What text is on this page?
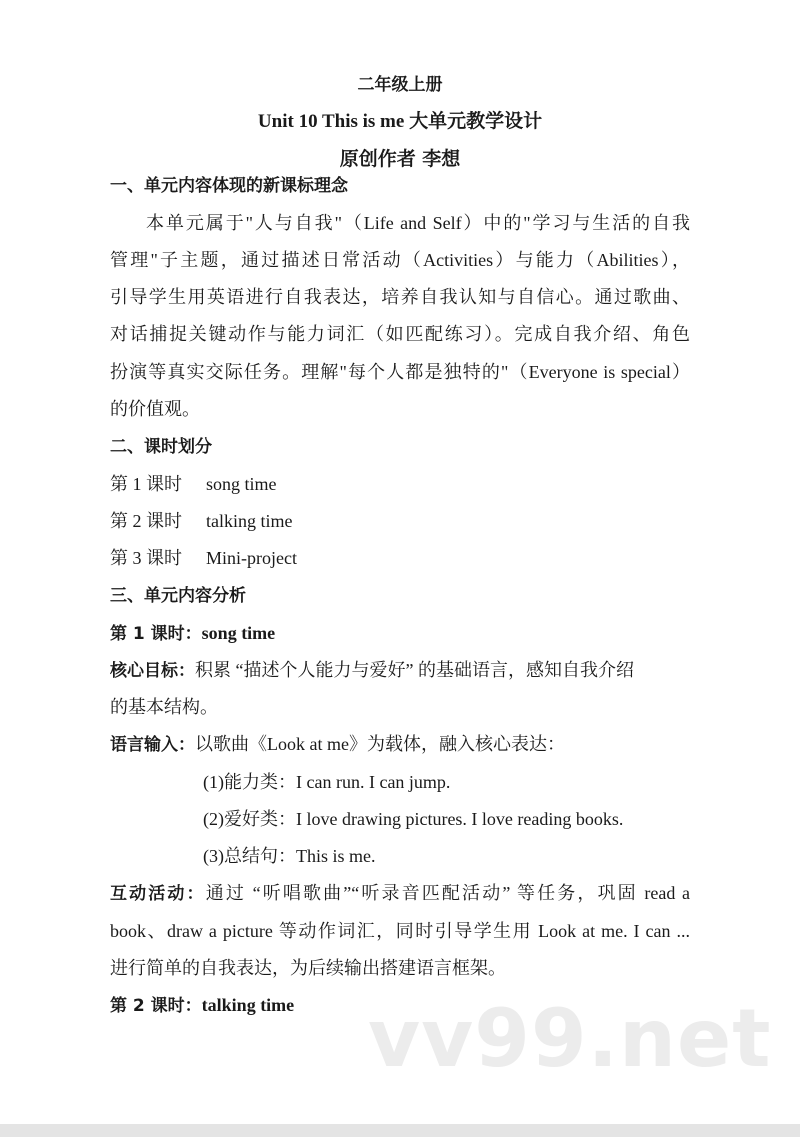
二年级上册
Unit 10 This is me 大单元教学设计
原创作者 李想
一、单元内容体现的新课标理念
本单元属于"人与自我"（Life and Self）中的"学习与生活的自我
管理"子主题，通过描述日常活动（Activities）与能力（Abilities），
引导学生用英语进行自我表达，培养自我认知与自信心。通过歌曲、
对话捕捉关键动作与能力词汇（如匹配练习）。完成自我介绍、角色
扮演等真实交际任务。理解"每个人都是独特的"（Everyone is special）
的价值观。
二、课时划分
第 1 课时 song time
第 2 课时 talking time
第 3 课时 Mini-project
三、单元内容分析
第 1 课时：song time
核心目标：积累 “描述个人能力与爱好” 的基础语言，感知自我介绍
的基本结构。
语言输入：以歌曲《Look at me》为载体，融入核心表达：
(1)能力类：I can run. I can jump.
(2)爱好类：I love drawing pictures. I love reading books.
(3)总结句：This is me.
互动活动：通过 “听唱歌曲”“听录音匹配活动” 等任务，巩固 read a
book、draw a picture 等动作词汇，同时引导学生用 Look at me. I can ...
进行简单的自我表达，为后续输出搭建语言框架。
第 2 课时：talking time vv99.net
